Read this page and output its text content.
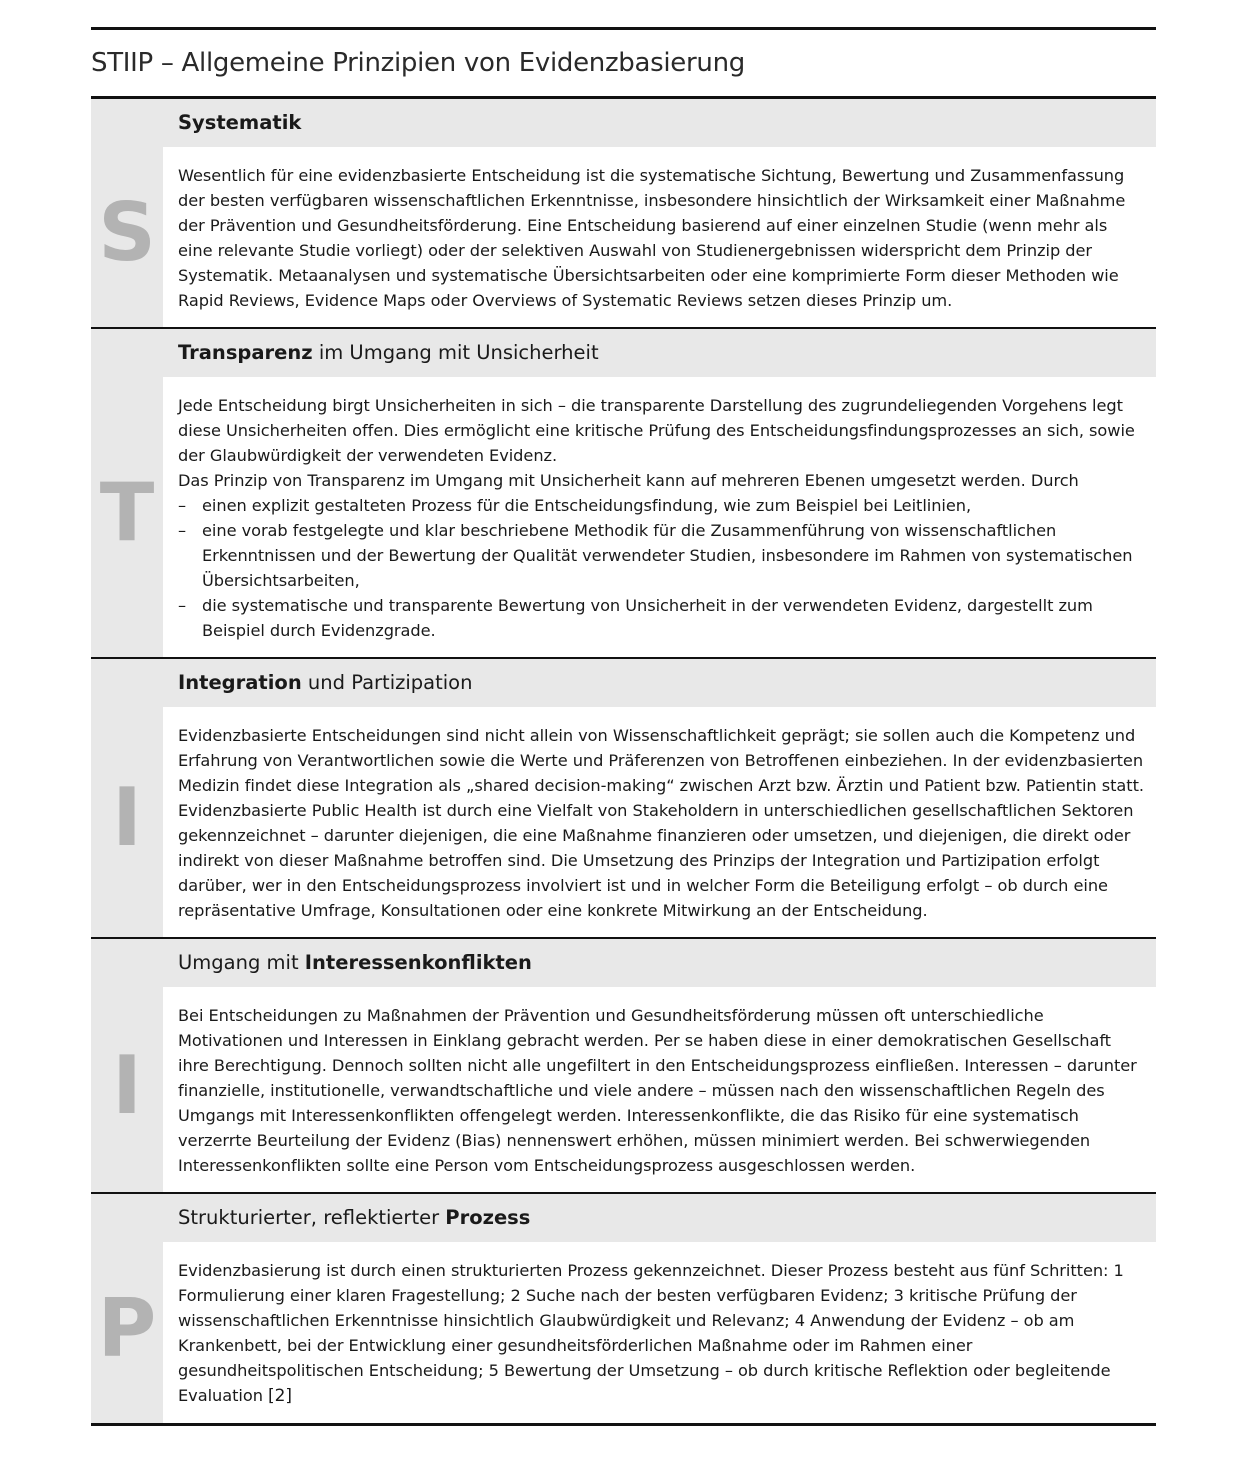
STIIP – Allgemeine Prinzipien von Evidenzbasierung
S
Systematik

Wesentlich für eine evidenzbasierte Entscheidung ist die systematische Sichtung, Bewertung und Zusammenfassung der besten verfügbaren wissenschaftlichen Erkenntnisse, insbesondere hinsichtlich der Wirksamkeit einer Maßnahme der Prävention und Gesundheitsförderung. Eine Entscheidung basierend auf einer einzelnen Studie (wenn mehr als eine relevante Studie vorliegt) oder der selektiven Auswahl von Studienergebnissen widerspricht dem Prinzip der Systematik. Metaanalysen und systematische Übersichtsarbeiten oder eine komprimierte Form dieser Methoden wie Rapid Reviews, Evidence Maps oder Overviews of Systematic Reviews setzen dieses Prinzip um.

T
Transparenz im Umgang mit Unsicherheit

Jede Entscheidung birgt Unsicherheiten in sich – die transparente Darstellung des zugrundeliegenden Vorgehens legt diese Unsicherheiten offen. Dies ermöglicht eine kritische Prüfung des Entscheidungsfindungsprozesses an sich, sowie der Glaubwürdigkeit der verwendeten Evidenz.

Das Prinzip von Transparenz im Umgang mit Unsicherheit kann auf mehreren Ebenen umgesetzt werden. Durch

– einen explizit gestalteten Prozess für die Entscheidungsfindung, wie zum Beispiel bei Leitlinien,
– eine vorab festgelegte und klar beschriebene Methodik für die Zusammenführung von wissenschaftlichen Erkenntnissen und der Bewertung der Qualität verwendeter Studien, insbesondere im Rahmen von systematischen Übersichtsarbeiten,
– die systematische und transparente Bewertung von Unsicherheit in der verwendeten Evidenz, dargestellt zum Beispiel durch Evidenzgrade.
I
Integration und Partizipation

Evidenzbasierte Entscheidungen sind nicht allein von Wissenschaftlichkeit geprägt; sie sollen auch die Kompetenz und Erfahrung von Verantwortlichen sowie die Werte und Präferenzen von Betroffenen einbeziehen. In der evidenzbasierten Medizin findet diese Integration als „shared decision-making“ zwischen Arzt bzw. Ärztin und Patient bzw. Patientin statt. Evidenzbasierte Public Health ist durch eine Vielfalt von Stakeholdern in unterschiedlichen gesellschaftlichen Sektoren gekennzeichnet – darunter diejenigen, die eine Maßnahme finanzieren oder umsetzen, und diejenigen, die direkt oder indirekt von dieser Maßnahme betroffen sind. Die Umsetzung des Prinzips der Integration und Partizipation erfolgt darüber, wer in den Entscheidungsprozess involviert ist und in welcher Form die Beteiligung erfolgt – ob durch eine repräsentative Umfrage, Konsultationen oder eine konkrete Mitwirkung an der Entscheidung.

I
Umgang mit Interessenkonflikten

Bei Entscheidungen zu Maßnahmen der Prävention und Gesundheitsförderung müssen oft unterschiedliche Motivationen und Interessen in Einklang gebracht werden. Per se haben diese in einer demokratischen Gesellschaft ihre Berechtigung. Dennoch sollten nicht alle ungefiltert in den Entscheidungsprozess einfließen. Interessen – darunter finanzielle, institutionelle, verwandtschaftliche und viele andere – müssen nach den wissenschaftlichen Regeln des Umgangs mit Interessenkonflikten offengelegt werden. Interessenkonflikte, die das Risiko für eine systematisch verzerrte Beurteilung der Evidenz (Bias) nennenswert erhöhen, müssen minimiert werden. Bei schwerwiegenden Interessenkonflikten sollte eine Person vom Entscheidungsprozess ausgeschlossen werden.

P
Strukturierter, reflektierter Prozess

Evidenzbasierung ist durch einen strukturierten Prozess gekennzeichnet. Dieser Prozess besteht aus fünf Schritten: 1 Formulierung einer klaren Fragestellung; 2 Suche nach der besten verfügbaren Evidenz; 3 kritische Prüfung der wissenschaftlichen Erkenntnisse hinsichtlich Glaubwürdigkeit und Relevanz; 4 Anwendung der Evidenz – ob am Krankenbett, bei der Entwicklung einer gesundheitsförderlichen Maßnahme oder im Rahmen einer gesundheitspolitischen Entscheidung; 5 Bewertung der Umsetzung – ob durch kritische Reflektion oder begleitende Evaluation [2]
